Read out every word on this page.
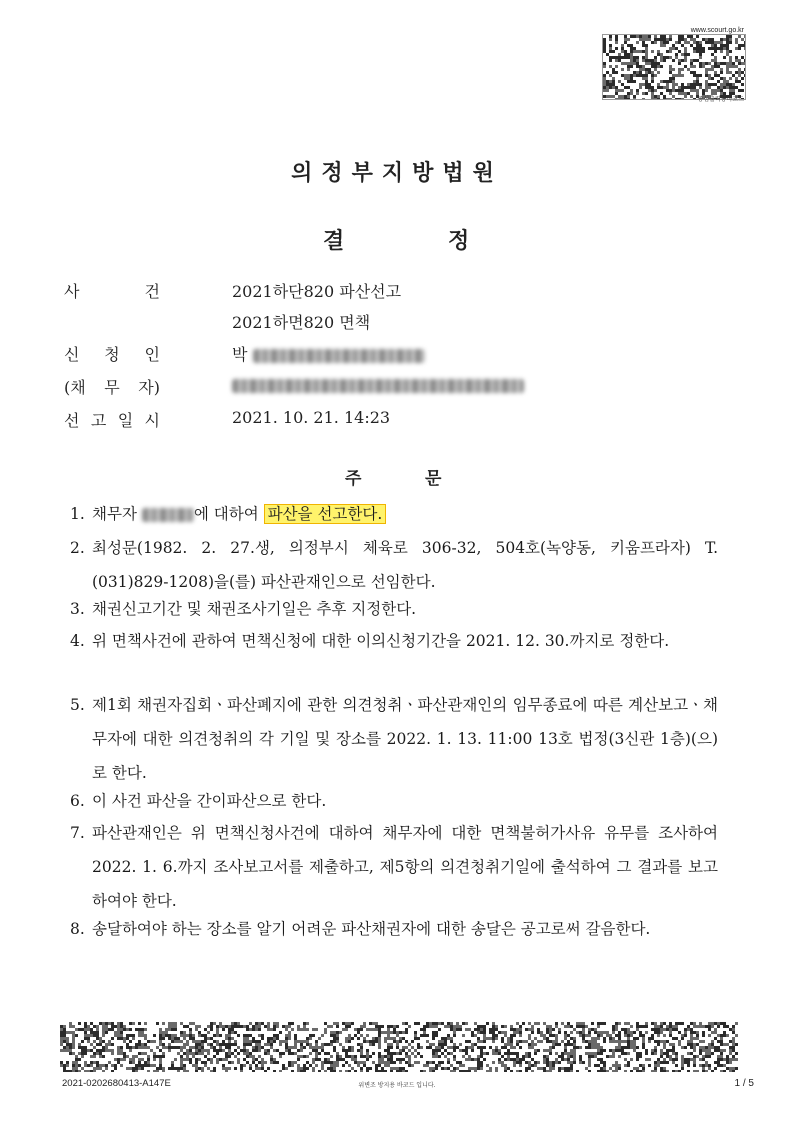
www.scourt.go.kr
증심출력용바코드
의정부지방법원
결	정
사	건	2021하단820 파산선고
2021하면820 면책
신 청 인	박
(채 무 자)
선 고 일 시	2021. 10. 21. 14:23
주	문
1. 채무자	에 대하여 파산을 선고한다.
2. 최성문(1982. 2. 27.생, 의정부시 체육로 306-32, 504호(녹양동, 키움프라자) T.(031)829-1208)을(를) 파산관재인으로 선임한다.
3. 채권신고기간 및 채권조사기일은 추후 지정한다.
4. 위 면책사건에 관하여 면책신청에 대한 이의신청기간을 2021. 12. 30.까지로 정한다.
5. 제1회 채권자집회ㆍ파산폐지에 관한 의견청취ㆍ파산관재인의 임무종료에 따른 계산보고ㆍ채무자에 대한 의견청취의 각 기일 및 장소를 2022. 1. 13. 11:00 13호 법정(3신관 1층)(으)로 한다.
6. 이 사건 파산을 간이파산으로 한다.
7. 파산관재인은 위 면책신청사건에 대하여 채무자에 대한 면책불허가사유 유무를 조사하여 2022. 1. 6.까지 조사보고서를 제출하고, 제5항의 의견청취기일에 출석하여 그 결과를 보고하여야 한다.
8. 송달하여야 하는 장소를 알기 어려운 파산채권자에 대한 송달은 공고로써 갈음한다.
2021-0202680413-A147E	위변조 방지용 바코드 입니다.	1 / 5
